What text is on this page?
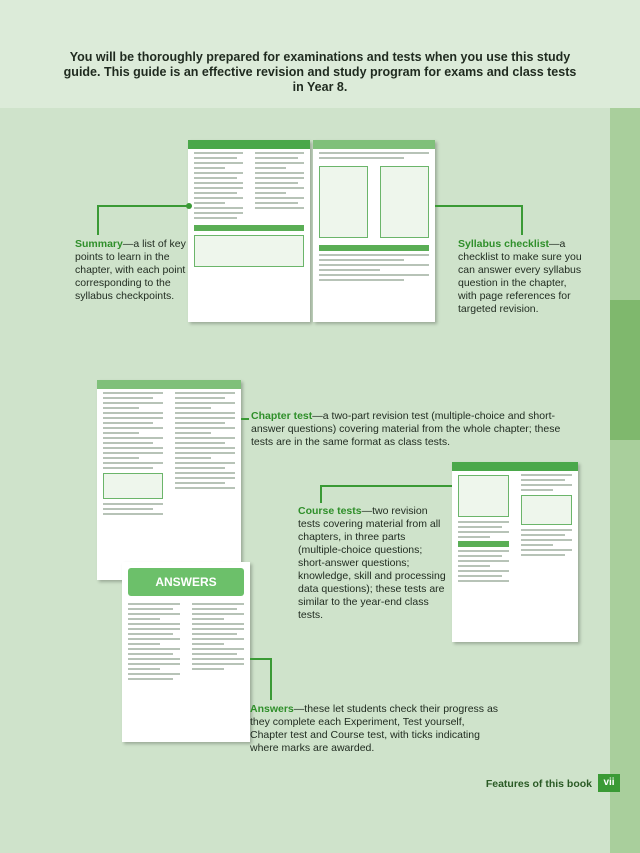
You will be thoroughly prepared for examinations and tests when you use this study guide. This guide is an effective revision and study program for exams and class tests in Year 8.
Summary—a list of key points to learn in the chapter, with each point corresponding to the syllabus checkpoints.
Syllabus checklist—a checklist to make sure you can answer every syllabus question in the chapter, with page references for targeted revision.
Chapter test—a two-part revision test (multiple-choice and short-answer questions) covering material from the whole chapter; these tests are in the same format as class tests.
Course tests—two revision tests covering material from all chapters, in three parts (multiple-choice questions; short-answer questions; knowledge, skill and processing data questions); these tests are similar to the year-end class tests.
ANSWERS
Answers—these let students check their progress as they complete each Experiment, Test yourself, Chapter test and Course test, with ticks indicating where marks are awarded.
Features of this book	vii
